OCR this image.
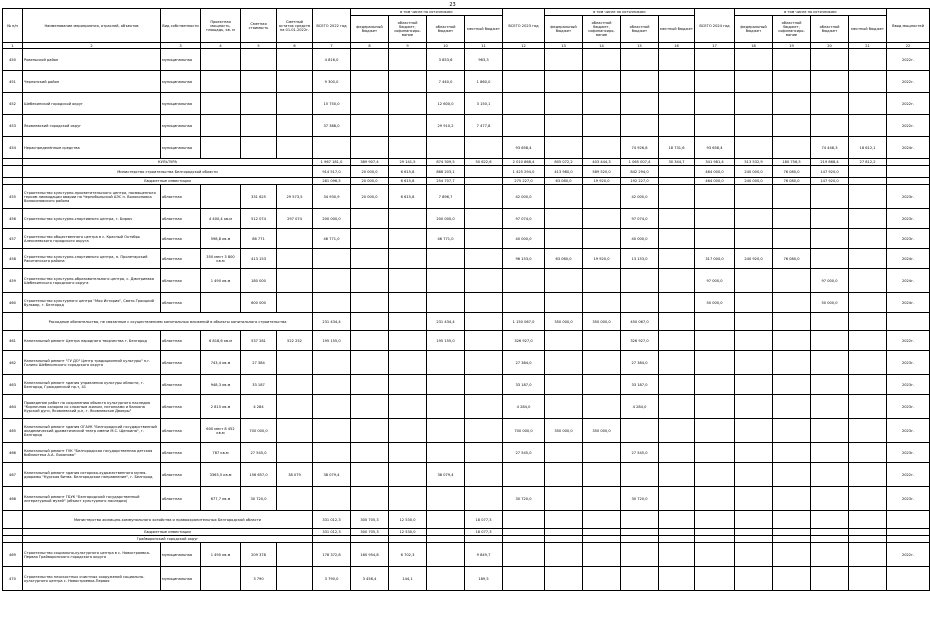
23
№ п/п	Наименование мероприятия, отраслей, объектов	Вид собственности	Проектная мощность, площадь, кв. м	Сметная стоимость	Сметный остаток средств на 01.01.2022г.	ВСЕГО 2022 год	в том числе по источникам:				ВСЕГО 2023 год	в том числе по источникам:				ВСЕГО 2024 год	в том числе по источникам:				Ввод мощностей
							федеральный бюджет	областной бюджет, софинансиро-вание	областной бюджет	местный бюджет		федеральный бюджет	областной бюджет, софинансиро-вание	областной бюджет	местный бюджет		федеральный бюджет	областной бюджет, софинансиро-вание	областной бюджет	местный бюджет	
1	2	3	4	5	6	7	8	9	10	11	12	13	14	15	16	17	18	19	20	21	22
450	Ровеньской район	муниципальная				4 816,0			3 853,6	963,3											2022г.
451	Чернянский район	муниципальная				9 300,0			7 440,0	1 860,0											2022г.
452	Шебекинский городской округ	муниципальная				15 750,0			12 600,0	3 150,1											2022г.
453	Яковлевский городской округ	муниципальная				37 388,0			29 910,2	7 477,8											2022г.
454	Нераспределённые средства	муниципальная									93 658,4			74 926,8	18 731,6	93 658,4			74 448,3	18 612,1	2024г.
	КУЛЬТУРА					1 967 181,0	389 907,4	29 141,5	874 309,5	50 622,6	2 010 868,4	805 072,2	403 444,3	1 065 007,4	30 344,7	341 981,4	513 532,9	180 756,5	219 868,4	27 812,2	
	Министерство строительства Белгородской области					914 517,0	20 000,0	6 615,8	868 203,1		1 425 294,0	413 980,0	589 520,0	842 294,0		464 000,0	240 000,0	76 080,0	147 920,0		
	Бюджетные инвестиции					281 096,5	20 000,0	6 615,8	254 707,7		275 227,0	63 080,0	19 920,0	192 227,0		464 000,0	240 000,0	76 080,0	147 920,0		
455	Строительство культурно-просветительского центра, посвященного героям ликвидации аварии на Чернобыльской АЭС п. Волоконовка Волоконовского района	областная		331 625	29 573,5	34 930,9	20 000,0	6 615,8	7 896,7		42 000,0			42 000,0							2023г.
456	Строительство культурно-спортивного центра, г. Бирюч	областная	4 400,4 кв.м	512 074	297 074	200 000,0			200 000,0		97 074,0			97 074,0							2023г.
457	Строительство общественного центра в с. Красный Октябрь Алексеевского городского округа	областная	598,8 кв.м	86 771		46 771,0			46 771,0		40 000,0			40 000,0							2023г.
458	Строительство культурно-спортивного центра, п. Пролетарский Ракитянского района	областная	350 мест 3 800 кв.м	413 153							96 153,0	63 080,0	19 920,0	13 153,0		317 000,0	240 920,0	76 080,0			2024г.
459	Строительство культурно-образовательного центра, с. Дмитриевка Шебекинского городского округа	областная	1 490 кв.м	180 000												97 000,0			97 000,0		2024г.
460	Строительство культурного центра "Моя История", Свято-Троицкий бульвар, г. Белгород	областная		600 000												50 000,0			50 000,0		2024г.
	Расходные обязательства, не связанные с осуществлением капитальных вложений в объекты капитального строительства					231 434,4			231 434,4		1 150 067,0	350 000,0	350 000,0	450 067,0							
461	Капитальный ремонт Центра народного творчества г. Белгород	областная	6 818,6 кв.м	537 281	522 252	195 155,0			195 155,0		326 927,0			326 927,0							2022г.
462	Капитальный ремонт "ГУ ДО" Центр традиционной культуры" п.г. Голино Шебекинского городского округа	областная	743,4 кв.м	27 384							27 384,0			27 384,0							2023г.
463	Капитальный ремонт здания управления культуры области, г. Белгород, Гражданский пр-т, 41	областная	948,3 кв.м	33 187							33 187,0			33 187,0							2023г.
464	Проведение работ по сохранению объекта культурного наследия "Кирпичная казарма со сложным жилым, потолками и балкона Курской дуги, Яковлевский р-н, г. Яковлевское Двоеры"	областная	2 815 кв.м	4 284							4 284,0			4 284,0							2023г.
465	Капитальный ремонт здания ОГАУК "Белгородский государственный академический драматический театр имени М.С. Щепкина", г. Белгород	областная	600 мест 8 452 кв.м	700 000,0							700 000,0	350 000,0	350 000,0								2023г.
466	Капитальный ремонт ГУК "Белгородская государственная детская библиотека А.А. Лиханова"	областная	787 кв.м	27 545,0							27 545,0			27 545,0							2023г.
467	Капитальный ремонт здания историко-художественного музея-диорамы "Курская битва. Белгородское направление", г. Белгород	областная	3363,5 кв.м	156 657,0	38 079	38 079,4			38 079,4												2022г.
468	Капитальный ремонт ГБУК "Белгородский государственный литературный музей" (объект культурного наследия)	областная	677,7 кв.м	30 720,0							30 720,0			30 720,0							2023г.
	Министерство жилищно-коммунального хозяйства и правоохранительных Белгородской области					331 012,3	300 705,3	12 530,0		18 077,3											
	Бюджетные инвестиции					331 012,3	300 705,3	12 530,0		18 077,3											
	Грайворонский городской округ																				
469	Строительство социально-культурного центра в с. Новостроевка-Первая Грайворонского городского округа	муниципальная	1 490 кв.м	209 378		178 372,8	160 954,8	6 702,3		9 849,7											2022г.
470	Строительство плоскостных очистных сооружений социально-культурного центра с. Новостроевка-Первая	муниципальная		3 790		3 790,0	3 456,4	144,1		189,5											
